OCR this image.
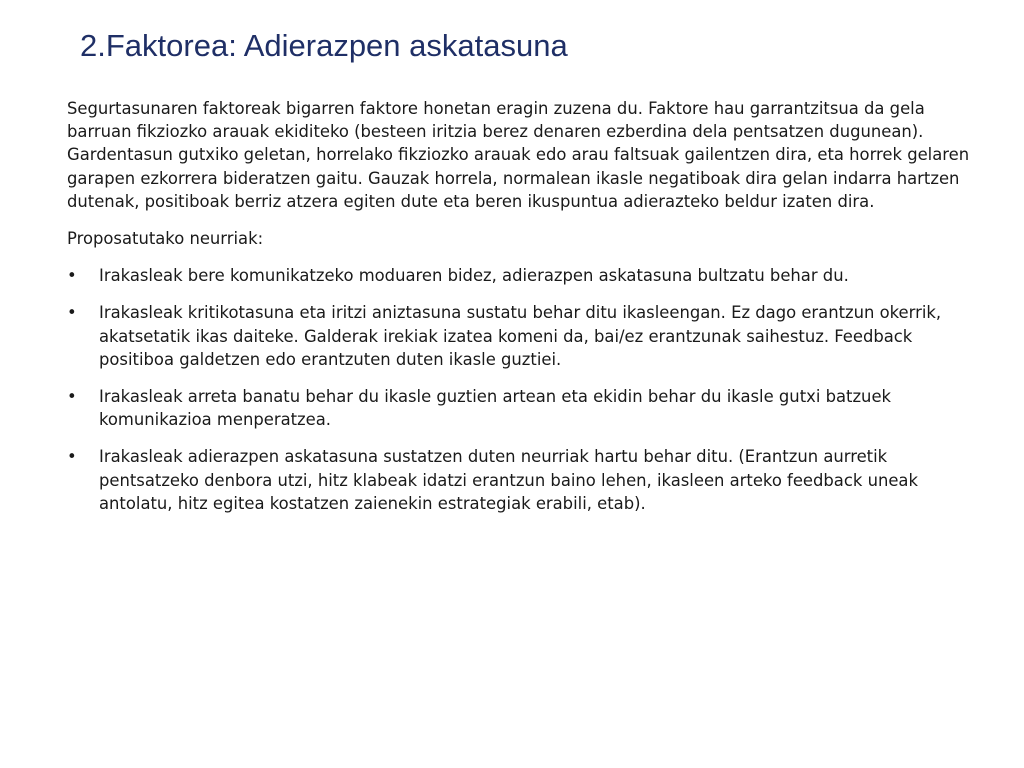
2.Faktorea: Adierazpen askatasuna

Segurtasunaren faktoreak bigarren faktore honetan eragin zuzena du. Faktore hau garrantzitsua da gela barruan fikziozko arauak ekiditeko (besteen iritzia berez denaren ezberdina dela pentsatzen dugunean). Gardentasun gutxiko geletan, horrelako fikziozko arauak edo arau faltsuak gailentzen dira, eta horrek gelaren garapen ezkorrera bideratzen gaitu. Gauzak horrela, normalean ikasle negatiboak dira gelan indarra hartzen dutenak, positiboak berriz atzera egiten dute eta beren ikuspuntua adierazteko beldur izaten dira.

Proposatutako neurriak:

• Irakasleak bere komunikatzeko moduaren bidez, adierazpen askatasuna bultzatu behar du.
• Irakasleak kritikotasuna eta iritzi aniztasuna sustatu behar ditu ikasleengan. Ez dago erantzun okerrik, akatsetatik ikas daiteke. Galderak irekiak izatea komeni da, bai/ez erantzunak saihestuz. Feedback positiboa galdetzen edo erantzuten duten ikasle guztiei.
• Irakasleak arreta banatu behar du ikasle guztien artean eta ekidin behar du ikasle gutxi batzuek komunikazioa menperatzea.
• Irakasleak adierazpen askatasuna sustatzen duten neurriak hartu behar ditu. (Erantzun aurretik pentsatzeko denbora utzi, hitz klabeak idatzi erantzun baino lehen, ikasleen arteko feedback uneak antolatu, hitz egitea kostatzen zaienekin estrategiak erabili, etab).
